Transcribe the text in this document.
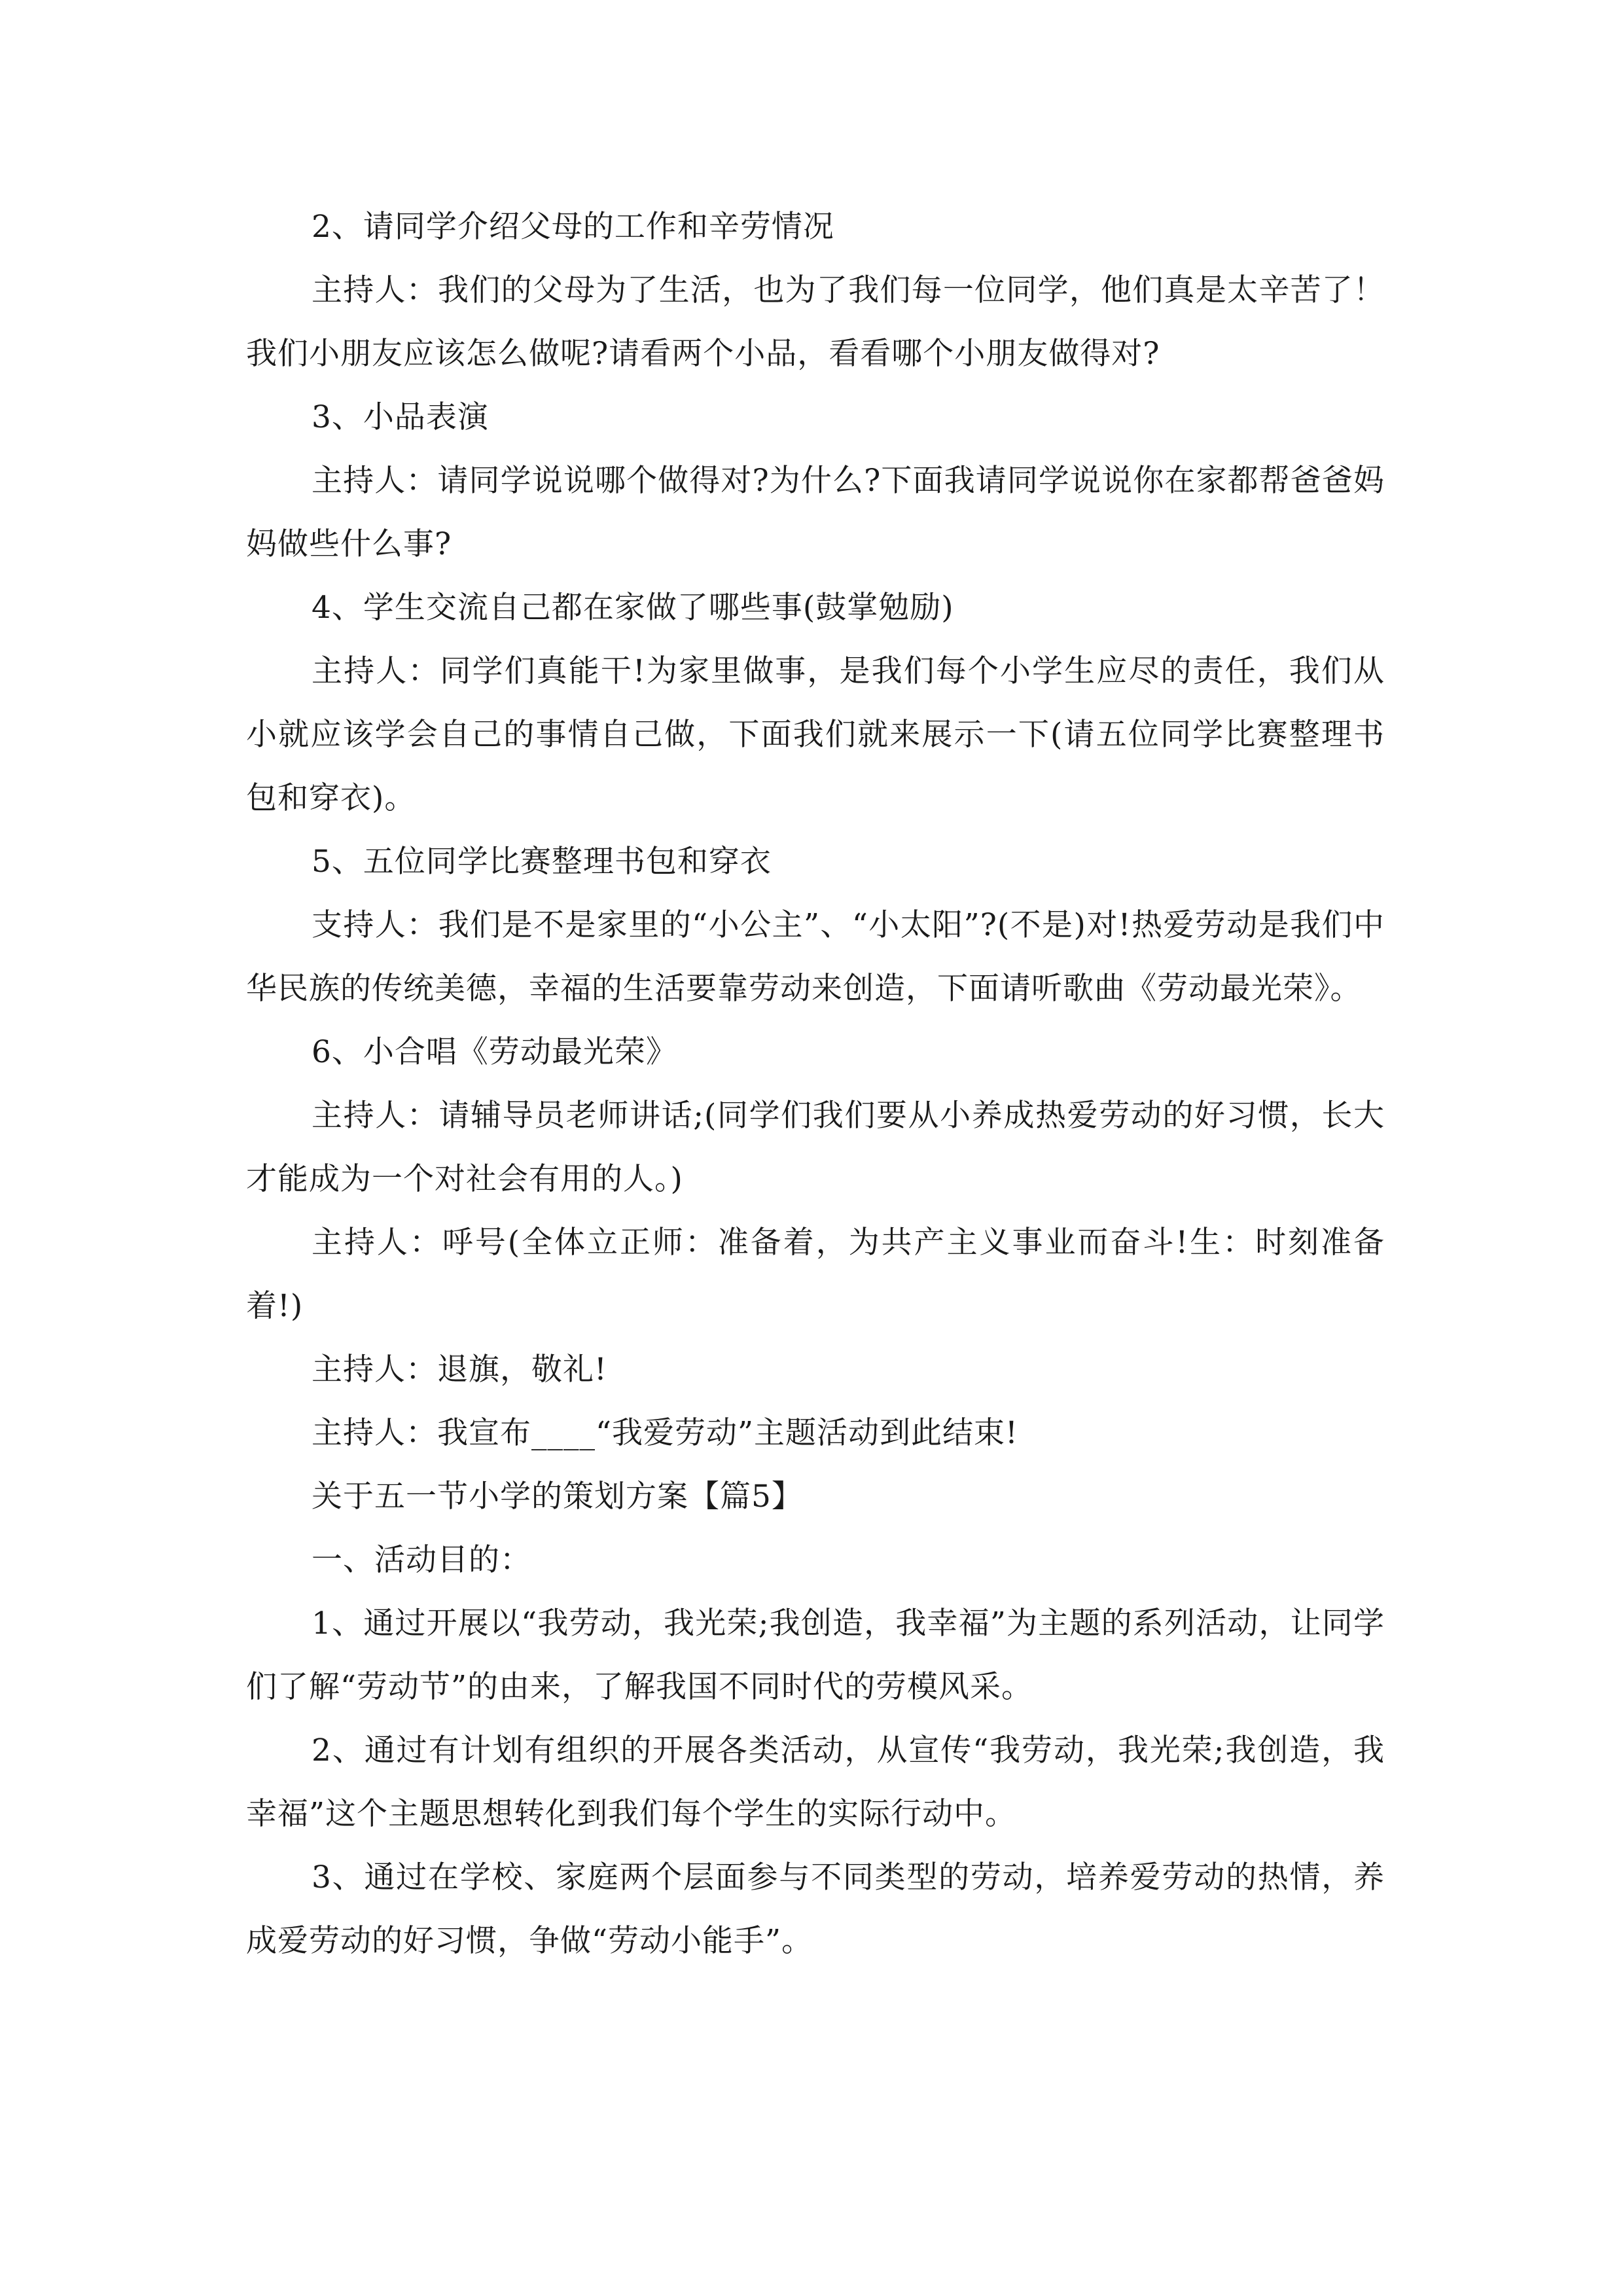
2、请同学介绍父母的工作和辛劳情况

主持人：我们的父母为了生活，也为了我们每一位同学，他们真是太辛苦了！我们小朋友应该怎么做呢?请看两个小品，看看哪个小朋友做得对?

3、小品表演

主持人：请同学说说哪个做得对?为什么?下面我请同学说说你在家都帮爸爸妈妈做些什么事?

4、学生交流自己都在家做了哪些事(鼓掌勉励)

主持人：同学们真能干!为家里做事，是我们每个小学生应尽的责任，我们从小就应该学会自己的事情自己做，下面我们就来展示一下(请五位同学比赛整理书包和穿衣)。

5、五位同学比赛整理书包和穿衣

支持人：我们是不是家里的“小公主”、“小太阳”?(不是)对!热爱劳动是我们中华民族的传统美德，幸福的生活要靠劳动来创造，下面请听歌曲《劳动最光荣》。

6、小合唱《劳动最光荣》

主持人：请辅导员老师讲话;(同学们我们要从小养成热爱劳动的好习惯，长大才能成为一个对社会有用的人。)

主持人：呼号(全体立正师：准备着，为共产主义事业而奋斗!生：时刻准备着!)

主持人：退旗，敬礼!

主持人：我宣布____“我爱劳动”主题活动到此结束!

关于五一节小学的策划方案【篇5】

一、活动目的：

1、通过开展以“我劳动，我光荣;我创造，我幸福”为主题的系列活动，让同学们了解“劳动节”的由来，了解我国不同时代的劳模风采。

2、通过有计划有组织的开展各类活动，从宣传“我劳动，我光荣;我创造，我幸福”这个主题思想转化到我们每个学生的实际行动中。

3、通过在学校、家庭两个层面参与不同类型的劳动，培养爱劳动的热情，养成爱劳动的好习惯，争做“劳动小能手”。
